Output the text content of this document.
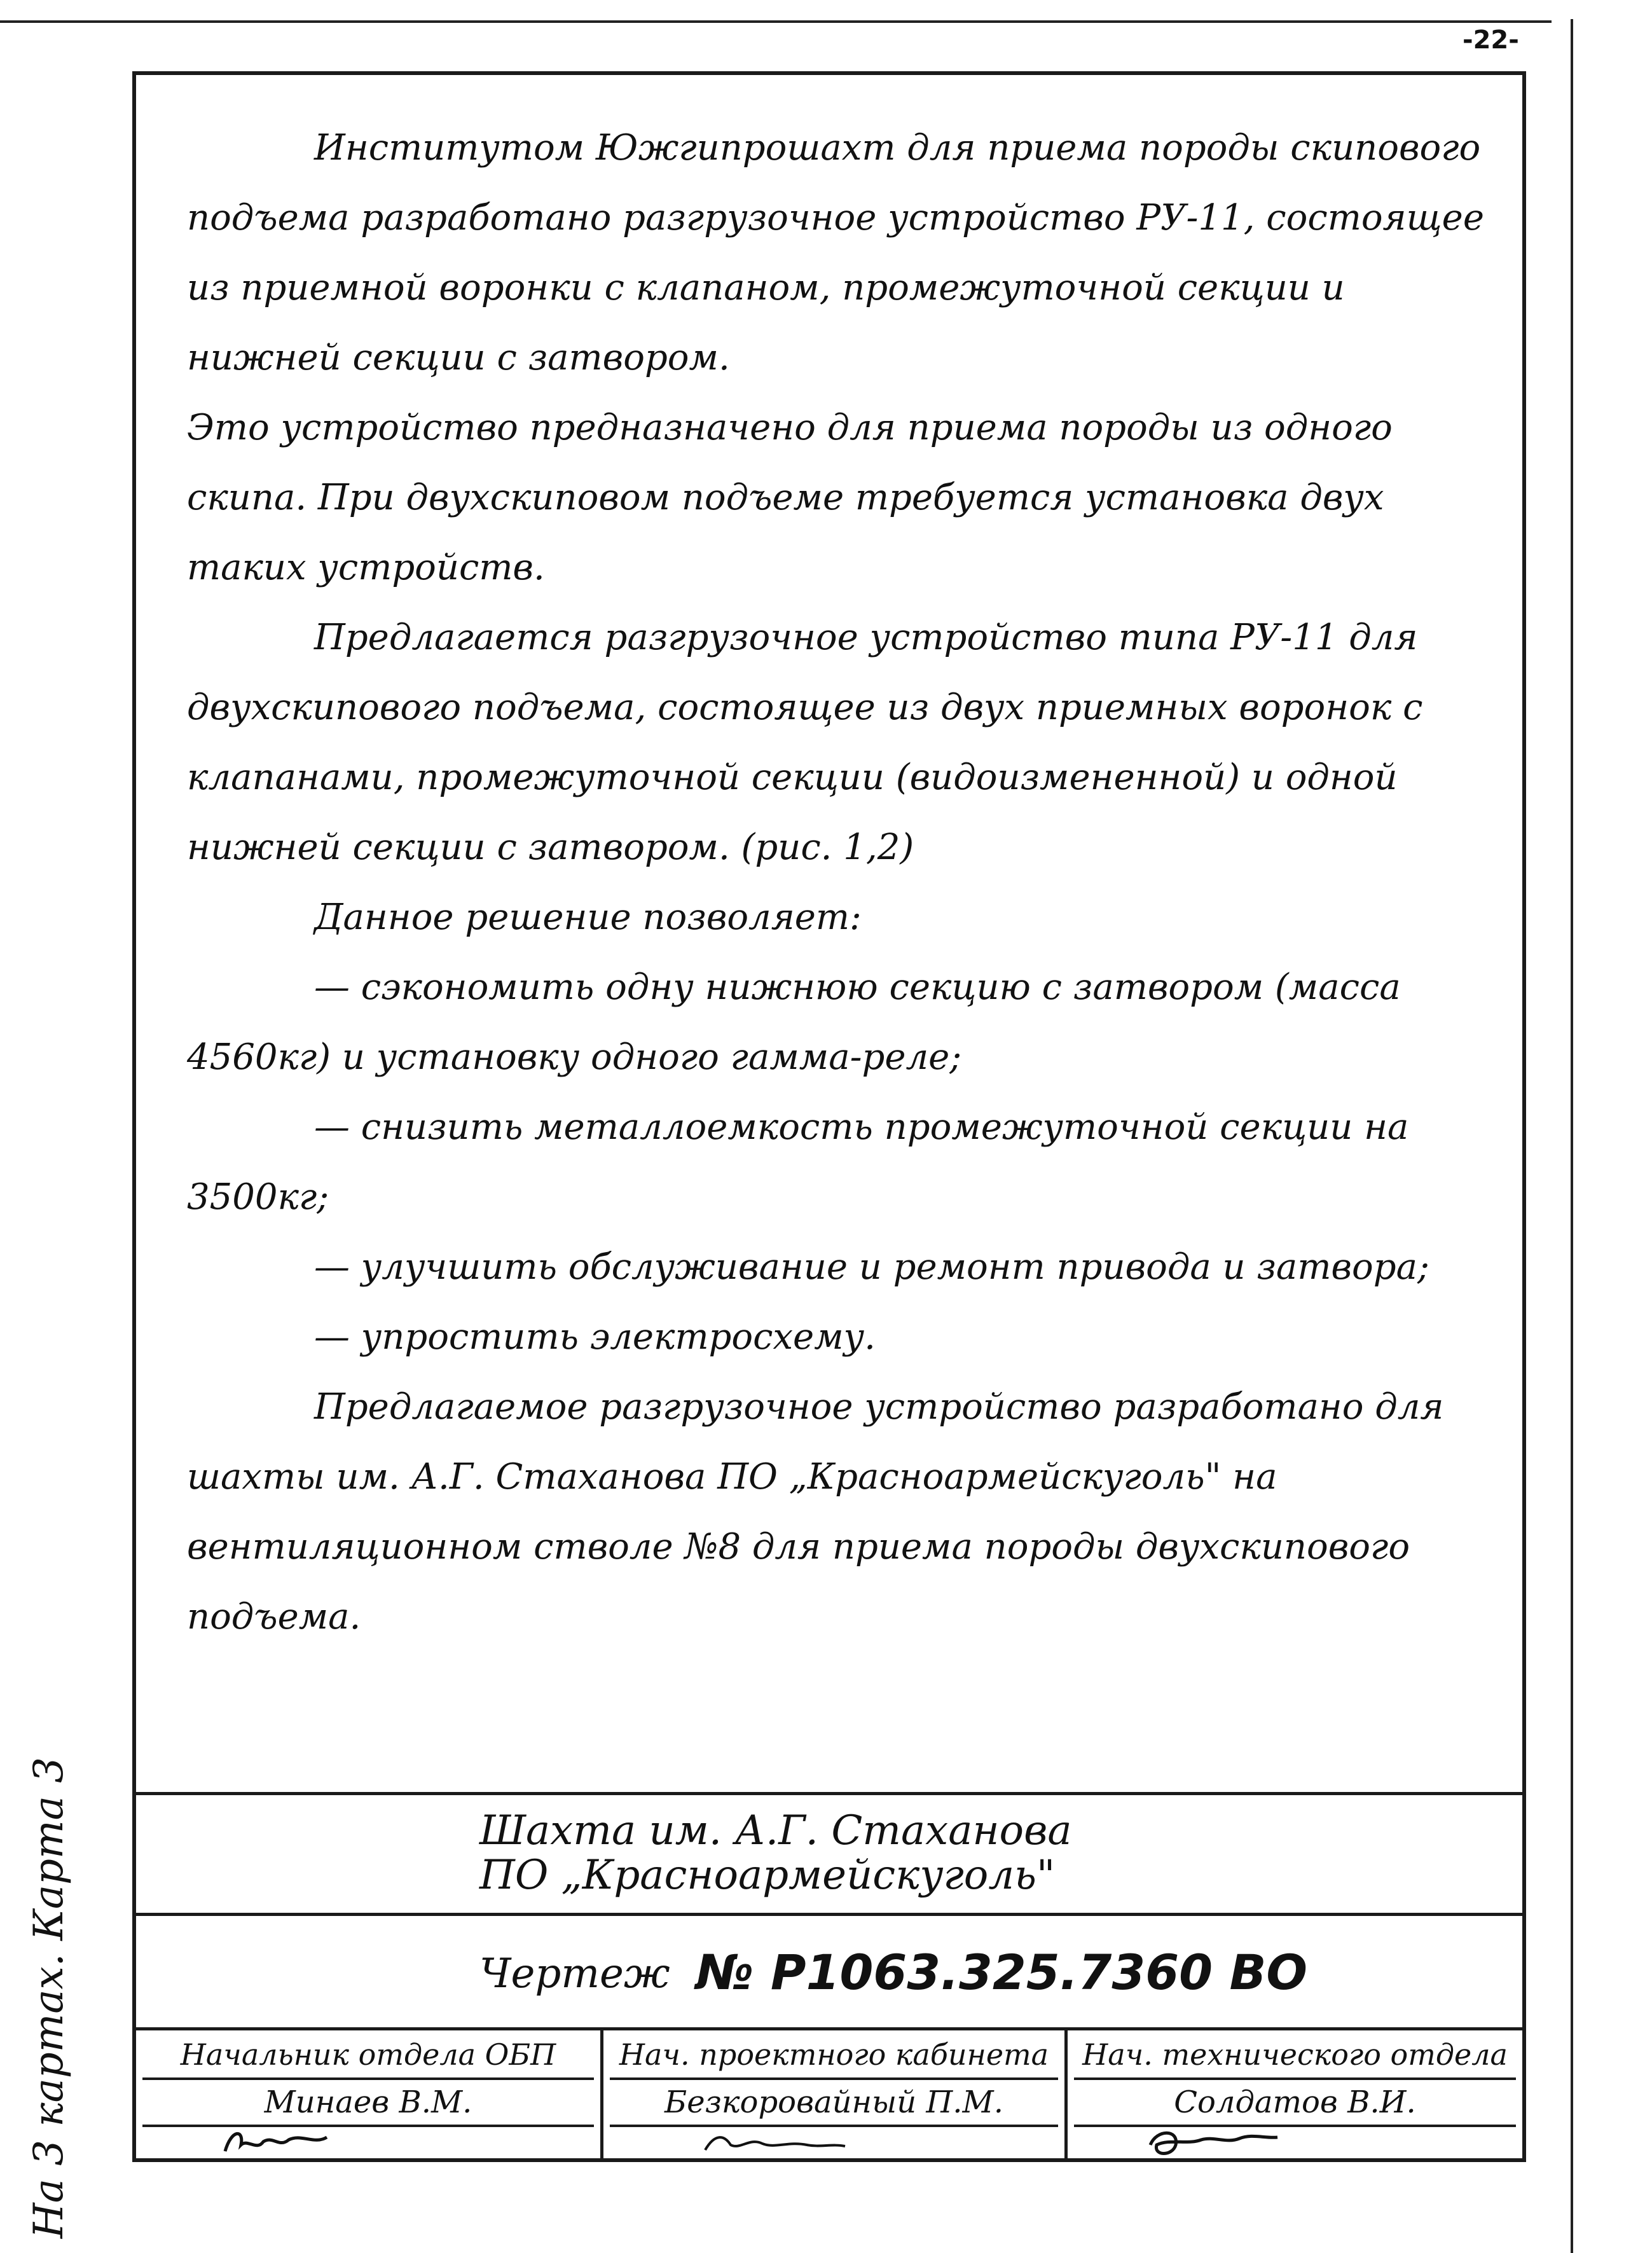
-22-

Институтом Южгипрошахт для приема породы скипового подъема разработано разгрузочное устройство РУ-11, состоящее из приемной воронки с клапаном, промежуточной секции и нижней секции с затвором.

Это устройство предназначено для приема породы из одного скипа. При двухскиповом подъеме требуется установка двух таких устройств.

Предлагается разгрузочное устройство типа РУ-11 для двухскипового подъема, состоящее из двух приемных воронок с клапанами, промежуточной секции (видоизмененной) и одной нижней секции с затвором. (рис. 1,2)

Данное решение позволяет:

— сэкономить одну нижнюю секцию с затвором (масса 4560кг) и установку одного гамма-реле;

— снизить металлоемкость промежуточной секции на 3500кг;

— улучшить обслуживание и ремонт привода и затвора;

— упростить электросхему.

Предлагаемое разгрузочное устройство разработано для шахты им. А.Г. Стаханова ПО „Красноармейскуголь" на вентиляционном стволе №8 для приема породы двухскипового подъема.

Шахта им. А.Г. Стаханова
ПО „Красноармейскуголь"
Чертеж № Р1063.325.7360 ВО
Начальник отдела ОБП
Минаев В.М.
Нач. проектного кабинета
Безкоровайный П.М.
Нач. технического отдела
Солдатов В.И.
На 3 картах. Карта 3
